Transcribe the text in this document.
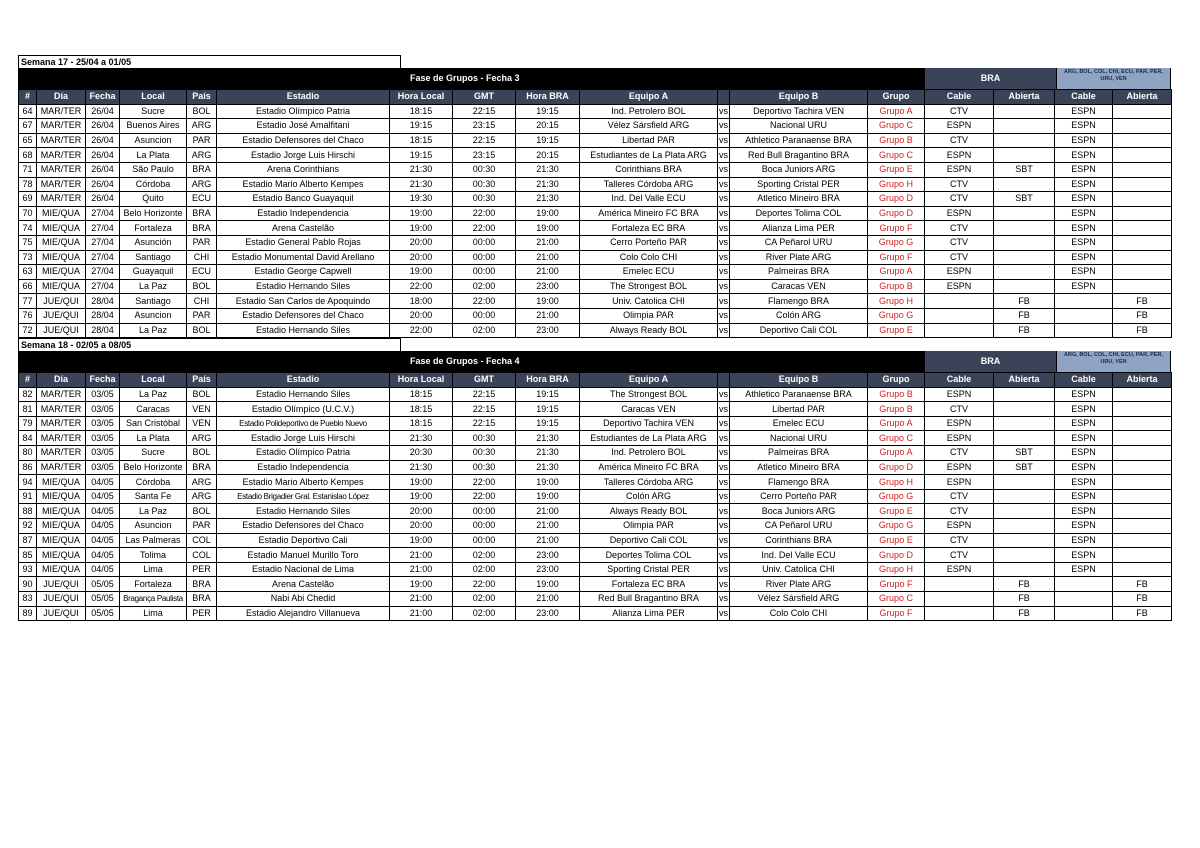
Semana 17 - 25/04 a 01/05
Fase de Grupos - Fecha 3	BRA
ARG, BOL, COL, CHI, ECU, PAR, PER, URU, VEN
#	Día	Fecha	Local	País	Estadio	Hora Local	GMT	Hora BRA	Equipo A		Equipo B	Grupo	Cable	Abierta	Cable	Abierta
64	MAR/TER	26/04	Sucre	BOL	Estadio Olímpico Patria	18:15	22:15	19:15	Ind. Petrolero BOL	vs	Deportivo Tachira VEN	Grupo A	CTV		ESPN	
67	MAR/TER	26/04	Buenos Aires	ARG	Estadio José Amalfitani	19:15	23:15	20:15	Vélez Sársfield ARG	vs	Nacional URU	Grupo C	ESPN		ESPN	
65	MAR/TER	26/04	Asuncion	PAR	Estadio Defensores del Chaco	18:15	22:15	19:15	Libertad PAR	vs	Athletico Paranaense BRA	Grupo B	CTV		ESPN	
68	MAR/TER	26/04	La Plata	ARG	Estadio Jorge Luis Hirschi	19:15	23:15	20:15	Estudiantes de La Plata ARG	vs	Red Bull Bragantino BRA	Grupo C	ESPN		ESPN	
71	MAR/TER	26/04	São Paulo	BRA	Arena Corinthians	21:30	00:30	21:30	Corinthians BRA	vs	Boca Juniors ARG	Grupo E	ESPN	SBT	ESPN	
78	MAR/TER	26/04	Córdoba	ARG	Estadio Mario Alberto Kempes	21:30	00:30	21:30	Talleres Córdoba ARG	vs	Sporting Cristal PER	Grupo H	CTV		ESPN	
69	MAR/TER	26/04	Quito	ECU	Estadio Banco Guayaquil	19:30	00:30	21:30	Ind. Del Valle ECU	vs	Atletico Mineiro BRA	Grupo D	CTV	SBT	ESPN	
70	MIE/QUA	27/04	Belo Horizonte	BRA	Estadio Independencia	19:00	22:00	19:00	América Mineiro FC BRA	vs	Deportes Tolima COL	Grupo D	ESPN		ESPN	
74	MIE/QUA	27/04	Fortaleza	BRA	Arena Castelão	19:00	22:00	19:00	Fortaleza EC BRA	vs	Alianza Lima PER	Grupo F	CTV		ESPN	
75	MIE/QUA	27/04	Asunción	PAR	Estadio General Pablo Rojas	20:00	00:00	21:00	Cerro Porteño PAR	vs	CA Peñarol URU	Grupo G	CTV		ESPN	
73	MIE/QUA	27/04	Santiago	CHI	Estadio Monumental David Arellano	20:00	00:00	21:00	Colo Colo CHI	vs	River Plate ARG	Grupo F	CTV		ESPN	
63	MIE/QUA	27/04	Guayaquil	ECU	Estadio George Capwell	19:00	00:00	21:00	Emelec ECU	vs	Palmeiras BRA	Grupo A	ESPN		ESPN	
66	MIE/QUA	27/04	La Paz	BOL	Estadio Hernando Siles	22:00	02:00	23:00	The Strongest BOL	vs	Caracas VEN	Grupo B	ESPN		ESPN	
77	JUE/QUI	28/04	Santiago	CHI	Estadio San Carlos de Apoquindo	18:00	22:00	19:00	Univ. Catolica CHI	vs	Flamengo BRA	Grupo H		FB		FB
76	JUE/QUI	28/04	Asuncion	PAR	Estadio Defensores del Chaco	20:00	00:00	21:00	Olimpia PAR	vs	Colón ARG	Grupo G		FB		FB
72	JUE/QUI	28/04	La Paz	BOL	Estadio Hernando Siles	22:00	02:00	23:00	Always Ready BOL	vs	Deportivo Cali COL	Grupo E		FB		FB
Semana 18 - 02/05 a 08/05
Fase de Grupos - Fecha 4	BRA
ARG, BOL, COL, CHI, ECU, PAR, PER, URU, VEN
#	Día	Fecha	Local	País	Estadio	Hora Local	GMT	Hora BRA	Equipo A		Equipo B	Grupo	Cable	Abierta	Cable	Abierta
82	MAR/TER	03/05	La Paz	BOL	Estadio Hernando Siles	18:15	22:15	19:15	The Strongest BOL	vs	Athletico Paranaense BRA	Grupo B	ESPN		ESPN	
81	MAR/TER	03/05	Caracas	VEN	Estadio Olímpico (U.C.V.)	18:15	22:15	19:15	Caracas VEN	vs	Libertad PAR	Grupo B	CTV		ESPN	
79	MAR/TER	03/05	San Cristóbal	VEN	Estadio Polideportivo de Pueblo Nuevo	18:15	22:15	19:15	Deportivo Tachira VEN	vs	Emelec ECU	Grupo A	ESPN		ESPN	
84	MAR/TER	03/05	La Plata	ARG	Estadio Jorge Luis Hirschi	21:30	00:30	21:30	Estudiantes de La Plata ARG	vs	Nacional URU	Grupo C	ESPN		ESPN	
80	MAR/TER	03/05	Sucre	BOL	Estadio Olímpico Patria	20:30	00:30	21:30	Ind. Petrolero BOL	vs	Palmeiras BRA	Grupo A	CTV	SBT	ESPN	
86	MAR/TER	03/05	Belo Horizonte	BRA	Estadio Independencia	21:30	00:30	21:30	América Mineiro FC BRA	vs	Atletico Mineiro BRA	Grupo D	ESPN	SBT	ESPN	
94	MIE/QUA	04/05	Córdoba	ARG	Estadio Mario Alberto Kempes	19:00	22:00	19:00	Talleres Córdoba ARG	vs	Flamengo BRA	Grupo H	ESPN		ESPN	
91	MIE/QUA	04/05	Santa Fe	ARG	Estadio Brigadier Gral. Estanislao López	19:00	22:00	19:00	Colón ARG	vs	Cerro Porteño PAR	Grupo G	CTV		ESPN	
88	MIE/QUA	04/05	La Paz	BOL	Estadio Hernando Siles	20:00	00:00	21:00	Always Ready BOL	vs	Boca Juniors ARG	Grupo E	CTV		ESPN	
92	MIE/QUA	04/05	Asuncion	PAR	Estadio Defensores del Chaco	20:00	00:00	21:00	Olimpia PAR	vs	CA Peñarol URU	Grupo G	ESPN		ESPN	
87	MIE/QUA	04/05	Las Palmeras	COL	Estadio Deportivo Cali	19:00	00:00	21:00	Deportivo Cali COL	vs	Corinthians BRA	Grupo E	CTV		ESPN	
85	MIE/QUA	04/05	Tolima	COL	Estadio Manuel Murillo Toro	21:00	02:00	23:00	Deportes Tolima COL	vs	Ind. Del Valle ECU	Grupo D	CTV		ESPN	
93	MIE/QUA	04/05	Lima	PER	Estadio Nacional de Lima	21:00	02:00	23:00	Sporting Cristal PER	vs	Univ. Catolica CHI	Grupo H	ESPN		ESPN	
90	JUE/QUI	05/05	Fortaleza	BRA	Arena Castelão	19:00	22:00	19:00	Fortaleza EC BRA	vs	River Plate ARG	Grupo F		FB		FB
83	JUE/QUI	05/05	Bragança Paulista	BRA	Nabi Abi Chedid	21:00	02:00	21:00	Red Bull Bragantino BRA	vs	Vélez Sársfield ARG	Grupo C		FB		FB
89	JUE/QUI	05/05	Lima	PER	Estadio Alejandro Villanueva	21:00	02:00	23:00	Alianza Lima PER	vs	Colo Colo CHI	Grupo F		FB		FB
